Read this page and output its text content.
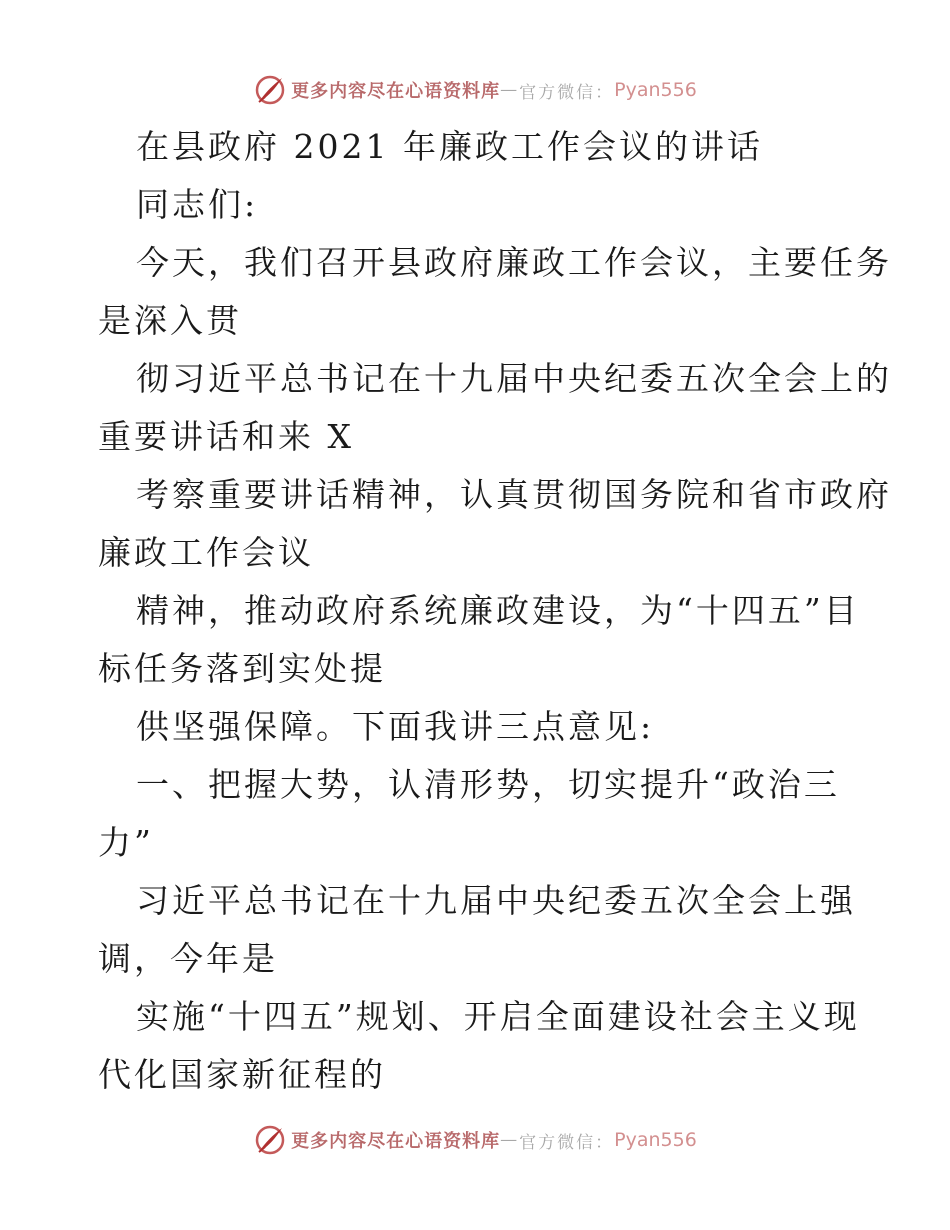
更多内容尽在心语资料库 — 官方微信： Pyan556
在县政府 2021 年廉政工作会议的讲话
同志们:
今天，我们召开县政府廉政工作会议，主要任务
是深入贯
彻习近平总书记在十九届中央纪委五次全会上的
重要讲话和来 X
考察重要讲话精神，认真贯彻国务院和省市政府
廉政工作会议
精神，推动政府系统廉政建设，为“十四五”目
标任务落到实处提
供坚强保障。下面我讲三点意见:
一、把握大势，认清形势，切实提升“政治三
力”
习近平总书记在十九届中央纪委五次全会上强
调，今年是
实施“十四五”规划、开启全面建设社会主义现
代化国家新征程的
更多内容尽在心语资料库 — 官方微信： Pyan556
